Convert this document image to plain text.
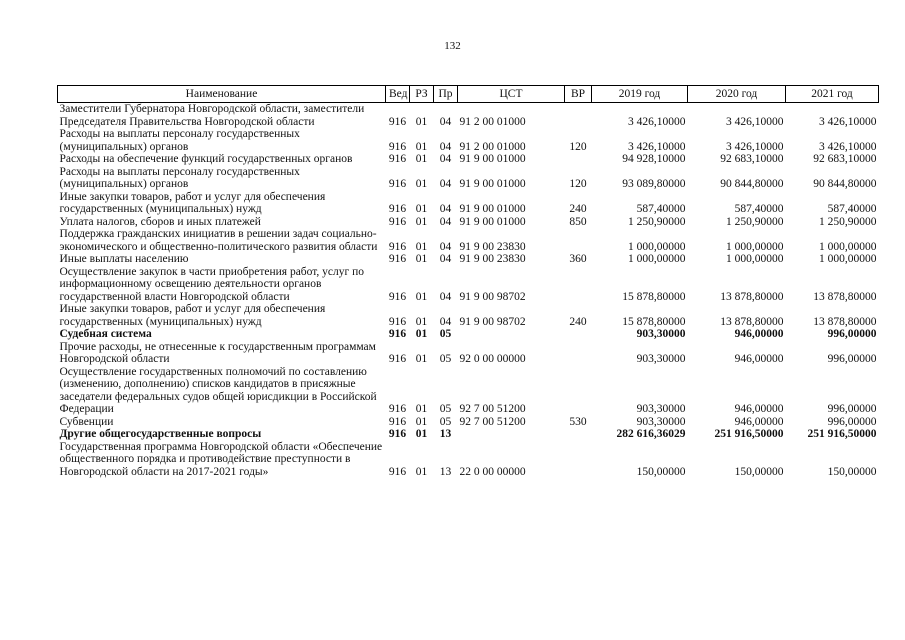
132
Наименование	Вед	РЗ	Пр	ЦСТ	ВР	2019 год	2020 год	2021 год
Заместители Губернатора Новгородской области, заместители Председателя Правительства Новгородской области	916	01	04	91 2 00 01000		3 426,10000	3 426,10000	3 426,10000
Расходы на выплаты персоналу государственных (муниципальных) органов	916	01	04	91 2 00 01000	120	3 426,10000	3 426,10000	3 426,10000
Расходы на обеспечение функций государственных органов	916	01	04	91 9 00 01000		94 928,10000	92 683,10000	92 683,10000
Расходы на выплаты персоналу государственных (муниципальных) органов	916	01	04	91 9 00 01000	120	93 089,80000	90 844,80000	90 844,80000
Иные закупки товаров, работ и услуг для обеспечения государственных (муниципальных) нужд	916	01	04	91 9 00 01000	240	587,40000	587,40000	587,40000
Уплата налогов, сборов и иных платежей	916	01	04	91 9 00 01000	850	1 250,90000	1 250,90000	1 250,90000
Поддержка гражданских инициатив в решении задач социально-экономического и общественно-политического развития области	916	01	04	91 9 00 23830		1 000,00000	1 000,00000	1 000,00000
Иные выплаты населению	916	01	04	91 9 00 23830	360	1 000,00000	1 000,00000	1 000,00000
Осуществление закупок в части приобретения работ, услуг по информационному освещению деятельности органов государственной власти Новгородской области	916	01	04	91 9 00 98702		15 878,80000	13 878,80000	13 878,80000
Иные закупки товаров, работ и услуг для обеспечения государственных (муниципальных) нужд	916	01	04	91 9 00 98702	240	15 878,80000	13 878,80000	13 878,80000
Судебная система	916	01	05			903,30000	946,00000	996,00000
Прочие расходы, не отнесенные к государственным программам Новгородской области	916	01	05	92 0 00 00000		903,30000	946,00000	996,00000
Осуществление государственных полномочий по составлению (изменению, дополнению) списков кандидатов в присяжные заседатели федеральных судов общей юрисдикции в Российской Федерации	916	01	05	92 7 00 51200		903,30000	946,00000	996,00000
Субвенции	916	01	05	92 7 00 51200	530	903,30000	946,00000	996,00000
Другие общегосударственные вопросы	916	01	13			282 616,36029	251 916,50000	251 916,50000
Государственная программа Новгородской области «Обеспечение общественного порядка и противодействие преступности в Новгородской области на 2017-2021 годы»	916	01	13	22 0 00 00000		150,00000	150,00000	150,00000
